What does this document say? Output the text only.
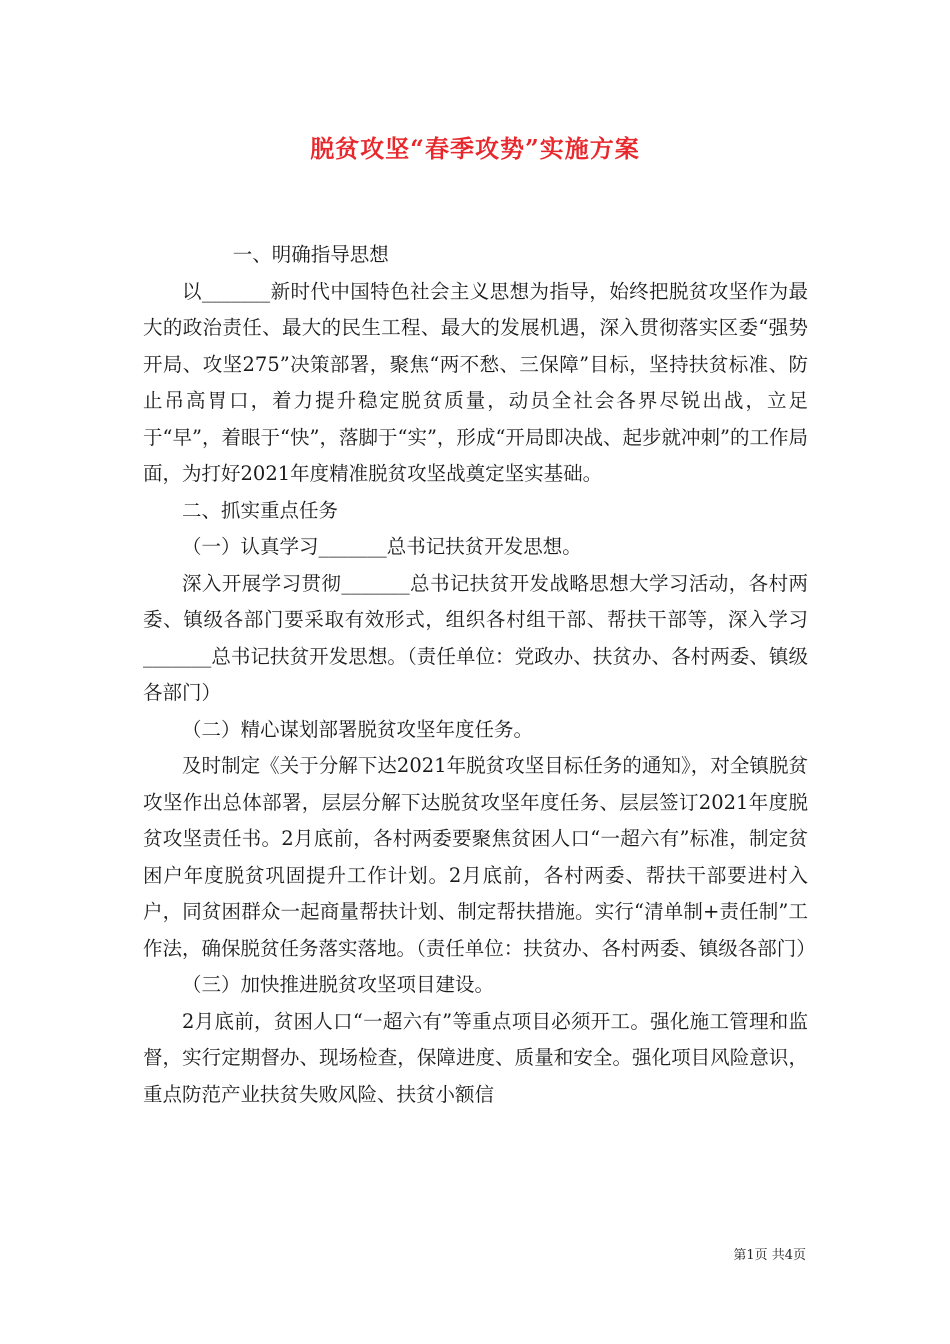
脱贫攻坚“春季攻势”实施方案

一、明确指导思想

以_______新时代中国特色社会主义思想为指导，始终把脱贫攻坚作为最大的政治责任、最大的民生工程、最大的发展机遇，深入贯彻落实区委“强势开局、攻坚275”决策部署，聚焦“两不愁、三保障”目标，坚持扶贫标准、防止吊高胃口，着力提升稳定脱贫质量，动员全社会各界尽锐出战，立足于“早”，着眼于“快”，落脚于“实”，形成“开局即决战、起步就冲刺”的工作局面，为打好2021年度精准脱贫攻坚战奠定坚实基础。

二、抓实重点任务

（一）认真学习_______总书记扶贫开发思想。

深入开展学习贯彻_______总书记扶贫开发战略思想大学习活动，各村两委、镇级各部门要采取有效形式，组织各村组干部、帮扶干部等，深入学习_______总书记扶贫开发思想。（责任单位：党政办、扶贫办、各村两委、镇级各部门）

（二）精心谋划部署脱贫攻坚年度任务。

及时制定《关于分解下达2021年脱贫攻坚目标任务的通知》，对全镇脱贫攻坚作出总体部署，层层分解下达脱贫攻坚年度任务、层层签订2021年度脱贫攻坚责任书。2月底前，各村两委要聚焦贫困人口“一超六有”标准，制定贫困户年度脱贫巩固提升工作计划。2月底前，各村两委、帮扶干部要进村入户，同贫困群众一起商量帮扶计划、制定帮扶措施。实行“清单制+责任制”工作法，确保脱贫任务落实落地。（责任单位：扶贫办、各村两委、镇级各部门）

（三）加快推进脱贫攻坚项目建设。

2月底前，贫困人口“一超六有”等重点项目必须开工。强化施工管理和监督，实行定期督办、现场检查，保障进度、质量和安全。强化项目风险意识，重点防范产业扶贫失败风险、扶贫小额信

第1页 共4页
